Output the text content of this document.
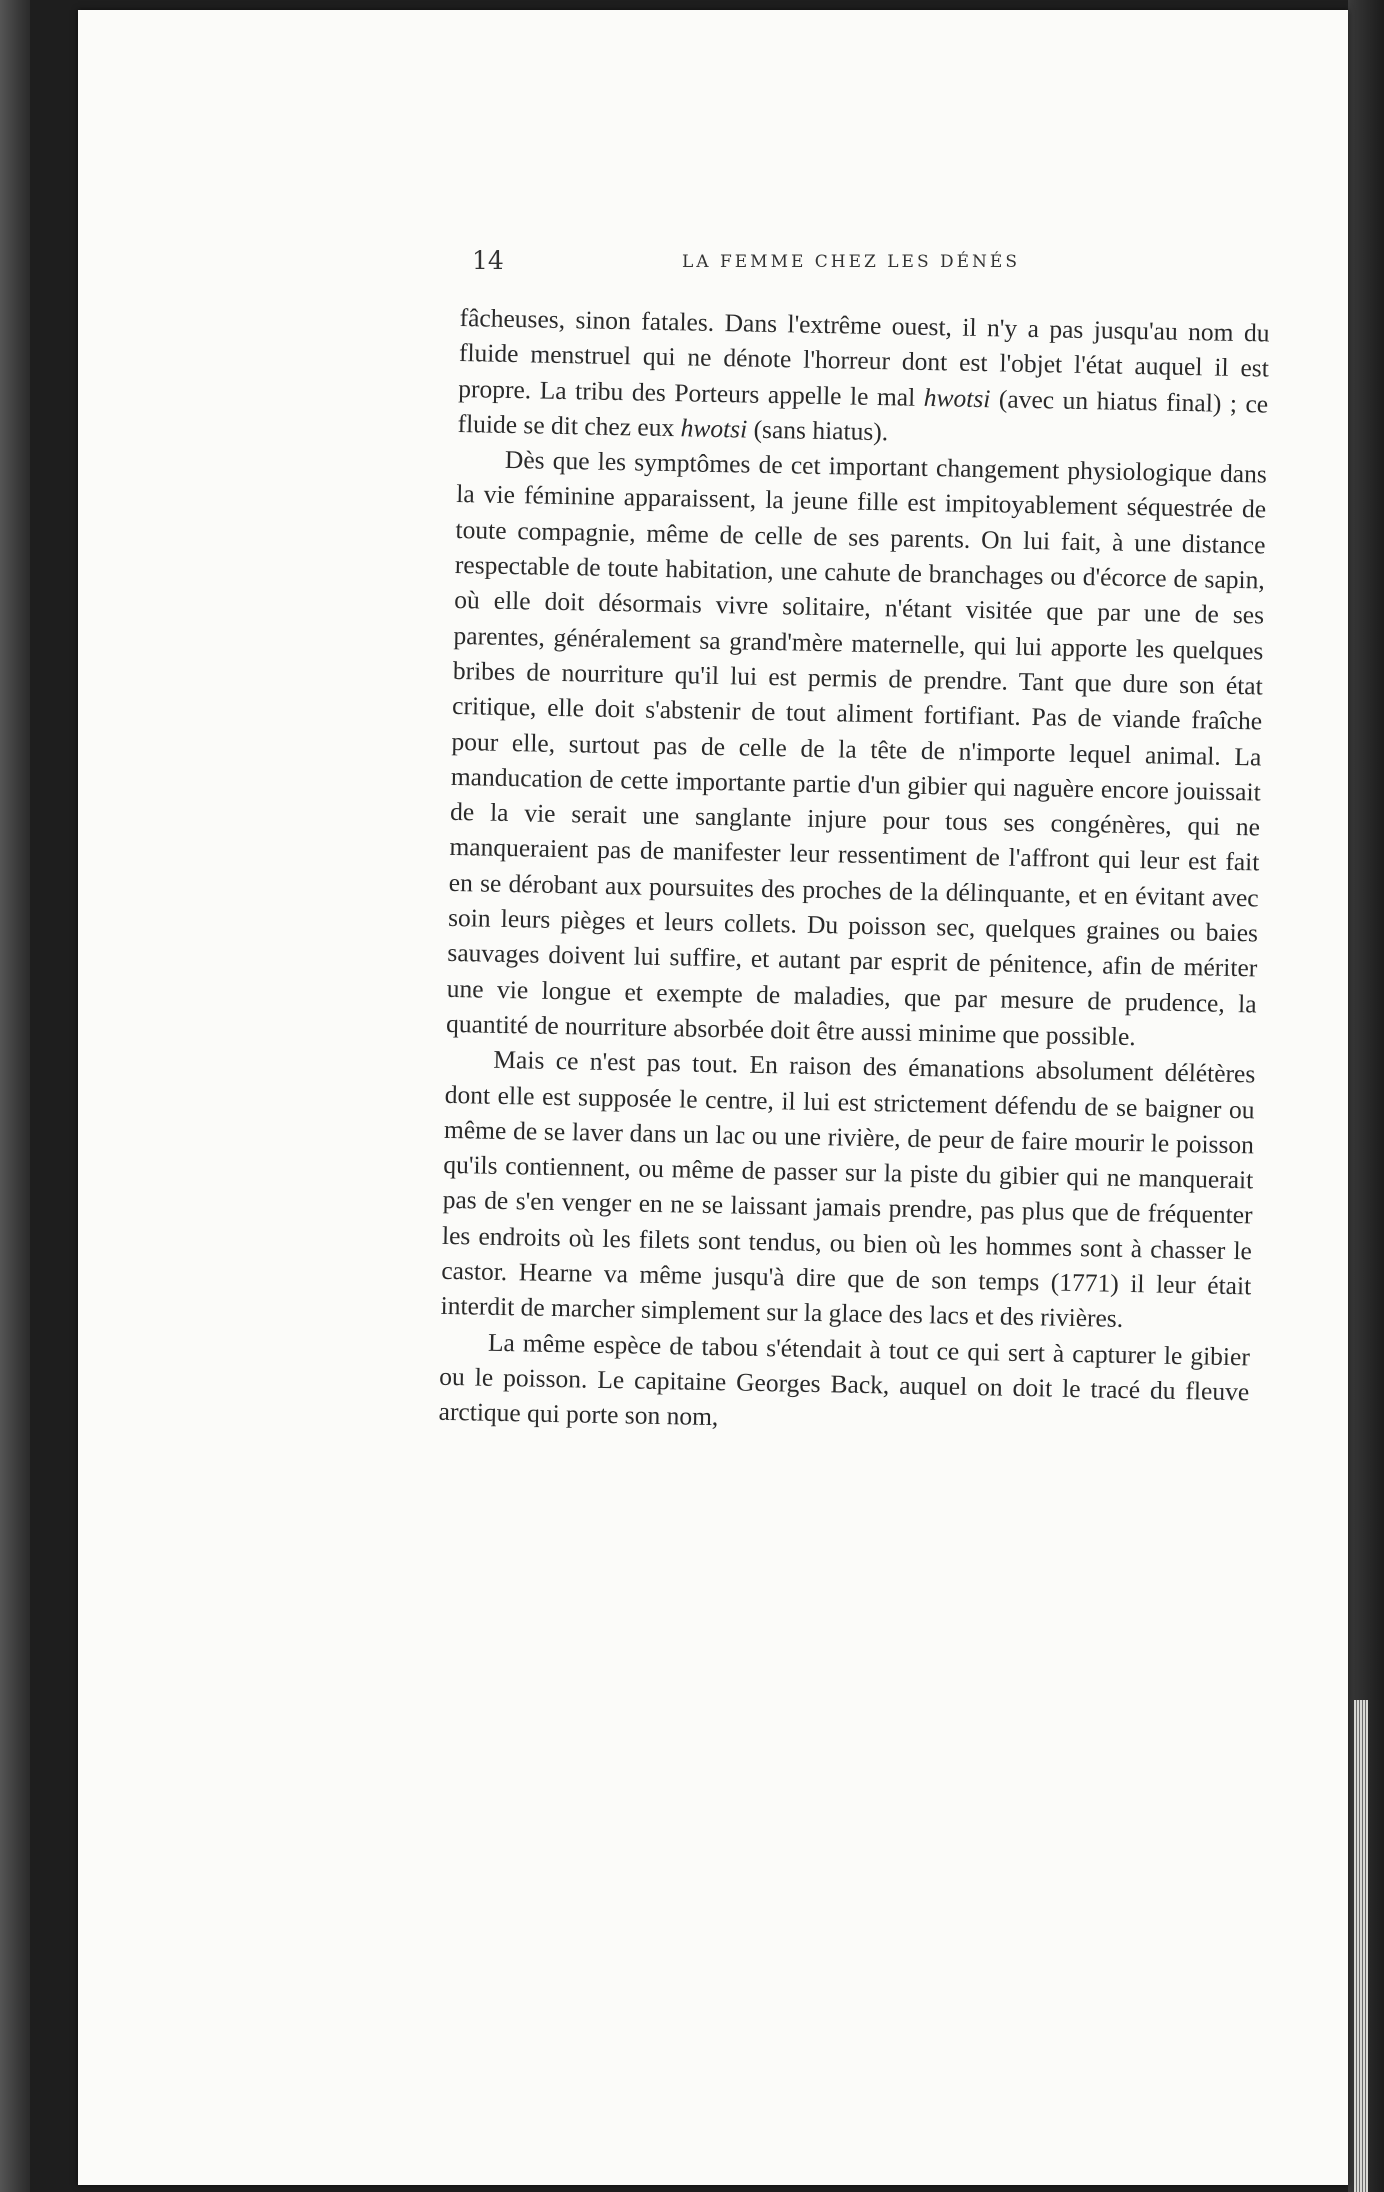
14	LA FEMME CHEZ LES DÉNÉS

fâcheuses, sinon fatales. Dans l'extrême ouest, il n'y a pas jusqu'au nom du fluide menstruel qui ne dénote l'horreur dont est l'objet l'état auquel il est propre. La tribu des Porteurs appelle le mal hwotsi (avec un hiatus final) ; ce fluide se dit chez eux hwotsi (sans hiatus).

Dès que les symptômes de cet important changement physiologique dans la vie féminine apparaissent, la jeune fille est impitoyablement séquestrée de toute compagnie, même de celle de ses parents. On lui fait, à une distance respectable de toute habitation, une cahute de branchages ou d'écorce de sapin, où elle doit désormais vivre solitaire, n'étant visitée que par une de ses parentes, généralement sa grand'mère maternelle, qui lui apporte les quelques bribes de nourriture qu'il lui est permis de prendre. Tant que dure son état critique, elle doit s'abstenir de tout aliment fortifiant. Pas de viande fraîche pour elle, surtout pas de celle de la tête de n'importe lequel animal. La manducation de cette importante partie d'un gibier qui naguère encore jouissait de la vie serait une sanglante injure pour tous ses congénères, qui ne manqueraient pas de manifester leur ressentiment de l'affront qui leur est fait en se dérobant aux poursuites des proches de la délinquante, et en évitant avec soin leurs pièges et leurs collets. Du poisson sec, quelques graines ou baies sauvages doivent lui suffire, et autant par esprit de pénitence, afin de mériter une vie longue et exempte de maladies, que par mesure de prudence, la quantité de nourriture absorbée doit être aussi minime que possible.

Mais ce n'est pas tout. En raison des émanations absolument délétères dont elle est supposée le centre, il lui est strictement défendu de se baigner ou même de se laver dans un lac ou une rivière, de peur de faire mourir le poisson qu'ils contiennent, ou même de passer sur la piste du gibier qui ne manquerait pas de s'en venger en ne se laissant jamais prendre, pas plus que de fréquenter les endroits où les filets sont tendus, ou bien où les hommes sont à chasser le castor. Hearne va même jusqu'à dire que de son temps (1771) il leur était interdit de marcher simplement sur la glace des lacs et des rivières.

La même espèce de tabou s'étendait à tout ce qui sert à capturer le gibier ou le poisson. Le capitaine Georges Back, auquel on doit le tracé du fleuve arctique qui porte son nom,
